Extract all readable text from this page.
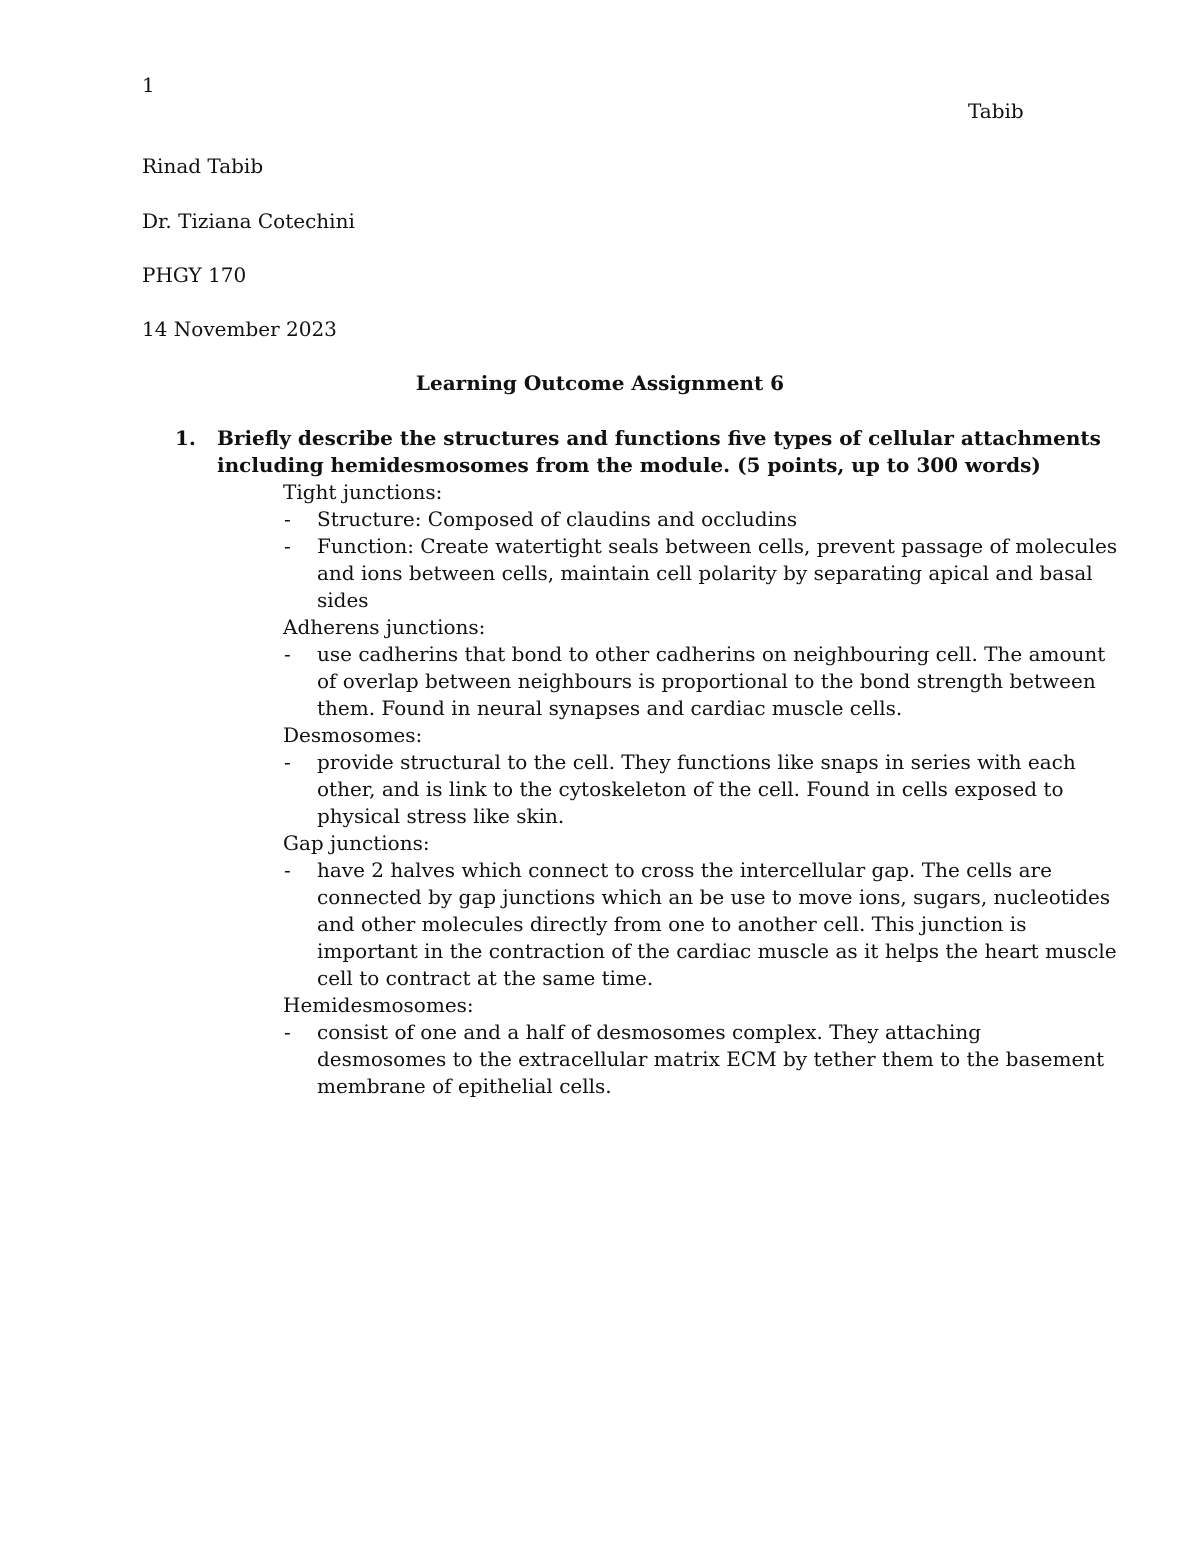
1
Tabib
Rinad Tabib
Dr. Tiziana Cotechini
PHGY 170
14 November 2023
Learning Outcome Assignment 6
1. Briefly describe the structures and functions five types of cellular attachments
including hemidesmosomes from the module. (5 points, up to 300 words)
Tight junctions:
- Structure: Composed of claudins and occludins
- Function: Create watertight seals between cells, prevent passage of molecules
and ions between cells, maintain cell polarity by separating apical and basal
sides
Adherens junctions:
- use cadherins that bond to other cadherins on neighbouring cell. The amount
of overlap between neighbours is proportional to the bond strength between
them. Found in neural synapses and cardiac muscle cells.
Desmosomes:
- provide structural to the cell. They functions like snaps in series with each
other, and is link to the cytoskeleton of the cell. Found in cells exposed to
physical stress like skin.
Gap junctions:
- have 2 halves which connect to cross the intercellular gap. The cells are
connected by gap junctions which an be use to move ions, sugars, nucleotides
and other molecules directly from one to another cell. This junction is
important in the contraction of the cardiac muscle as it helps the heart muscle
cell to contract at the same time.
Hemidesmosomes:
- consist of one and a half of desmosomes complex. They attaching
desmosomes to the extracellular matrix ECM by tether them to the basement
membrane of epithelial cells.
